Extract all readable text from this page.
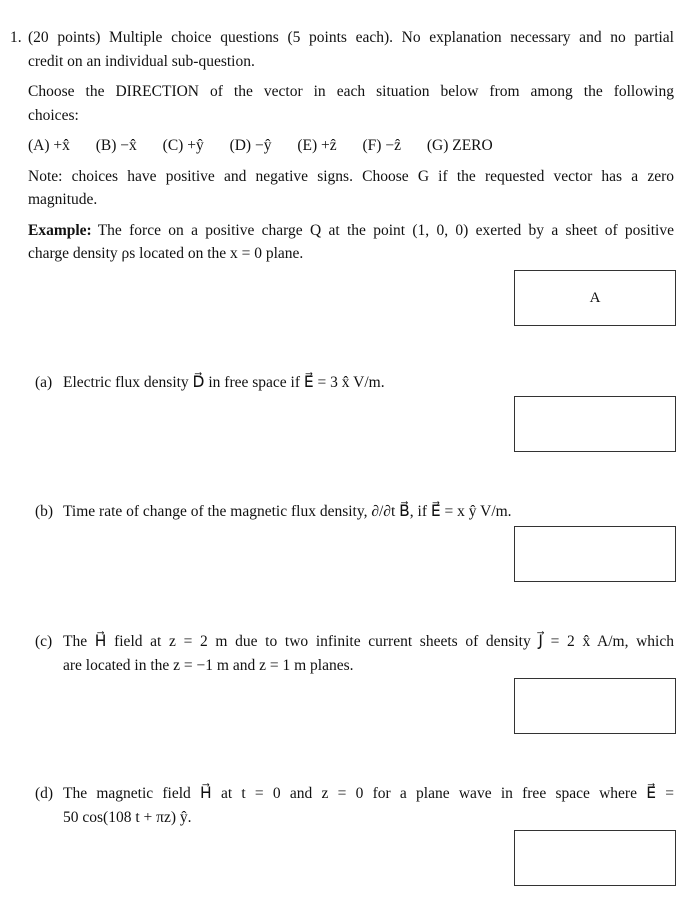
1. (20 points) Multiple choice questions (5 points each). No explanation necessary and no partial
credit on an individual sub-question.
Choose the DIRECTION of the vector in each situation below from among the following
choices:
(A) +x̂ (B) −x̂ (C) +ŷ (D) −ŷ (E) +ẑ (F) −ẑ (G) ZERO
Note: choices have positive and negative signs. Choose G if the requested vector has a zero
magnitude.
Example: The force on a positive charge Q at the point (1, 0, 0) exerted by a sheet of positive
charge density ρs located on the x = 0 plane.
A
(a) Electric flux density D⃗ in free space if E⃗ = 3 x̂ V/m.
(b) Time rate of change of the magnetic flux density, ∂/∂t B⃗, if E⃗ = x ŷ V/m.
(c) The H⃗ field at z = 2 m due to two infinite current sheets of density J⃗ = 2 x̂ A/m, which
are located in the z = −1 m and z = 1 m planes.
(d) The magnetic field H⃗ at t = 0 and z = 0 for a plane wave in free space where E⃗ =
50 cos(108 t + πz) ŷ.
